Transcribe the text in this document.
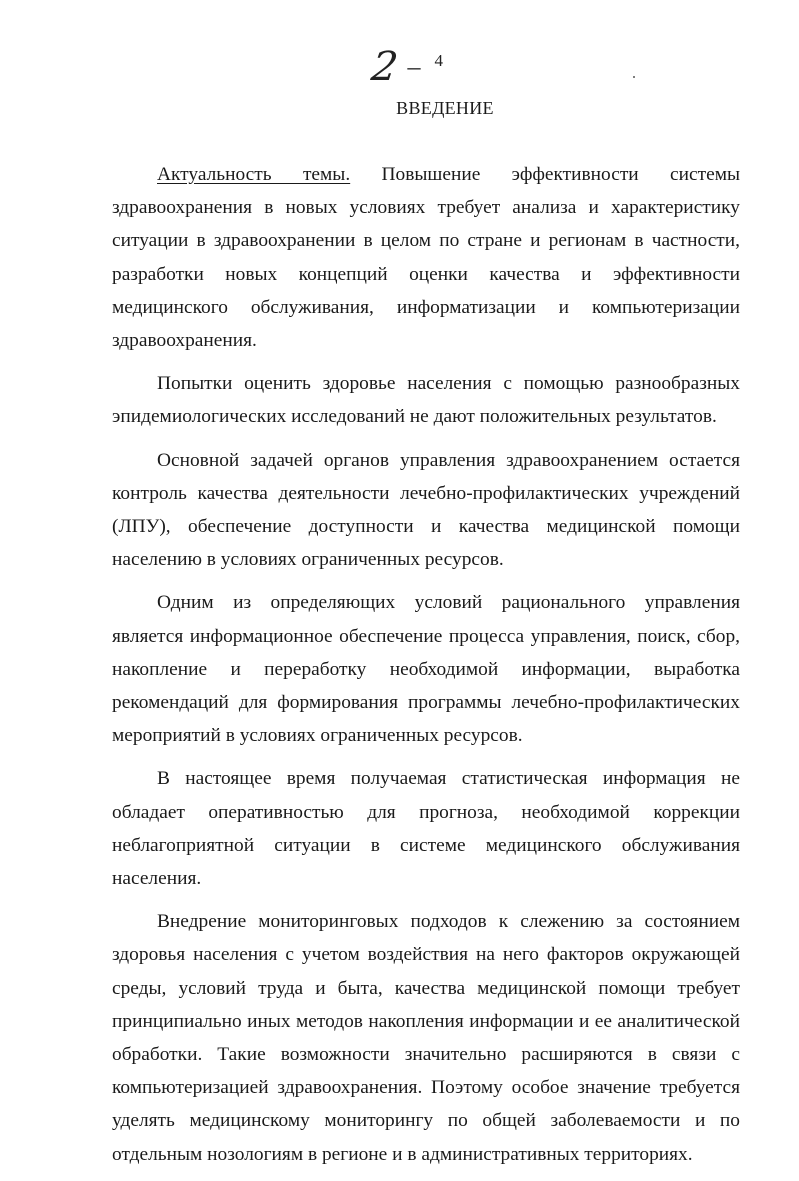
2 – 4
ВВЕДЕНИЕ

Актуальность темы. Повышение эффективности системы здравоохранения в новых условиях требует анализа и характеристику ситуации в здравоохранении в целом по стране и регионам в частности, разработки новых концепций оценки качества и эффективности медицинского обслуживания, информатизации и компьютеризации здравоохранения.

Попытки оценить здоровье населения с помощью разнообразных эпидемиологических исследований не дают положительных результатов.

Основной задачей органов управления здравоохранением остается контроль качества деятельности лечебно-профилактических учреждений (ЛПУ), обеспечение доступности и качества медицинской помощи населению в условиях ограниченных ресурсов.

Одним из определяющих условий рационального управления является информационное обеспечение процесса управления, поиск, сбор, накопление и переработку необходимой информации, выработка рекомендаций для формирования программы лечебно-профилактических мероприятий в условиях ограниченных ресурсов.

В настоящее время получаемая статистическая информация не обладает оперативностью для прогноза, необходимой коррекции неблагоприятной ситуации в системе медицинского обслуживания населения.

Внедрение мониторинговых подходов к слежению за состоянием здоровья населения с учетом воздействия на него факторов окружающей среды, условий труда и быта, качества медицинской помощи требует принципиально иных методов накопления информации и ее аналитической обработки. Такие возможности значительно расширяются в связи с компьютеризацией здравоохранения. Поэтому особое значение требуется уделять медицинскому мониторингу по общей заболеваемости и по отдельным нозологиям в регионе и в административных территориях.
